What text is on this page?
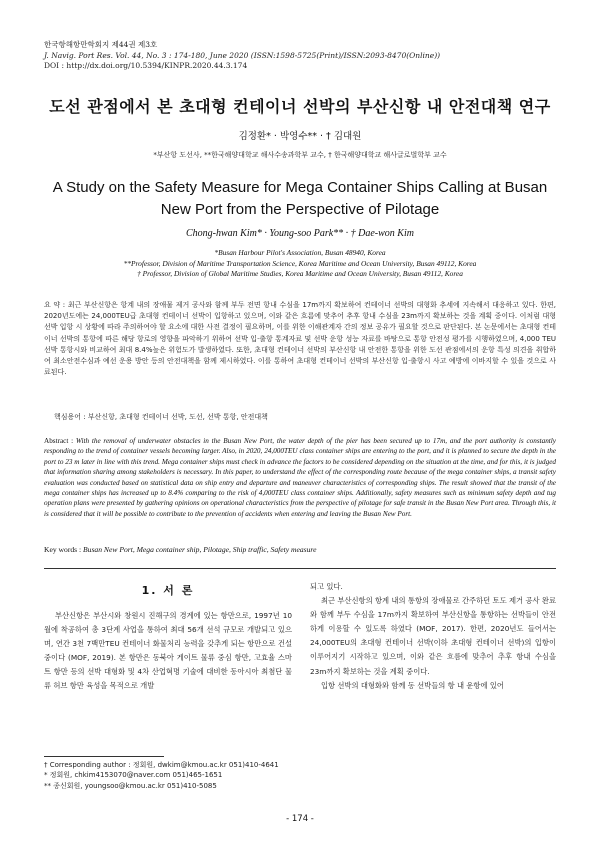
한국항해항만학회지 제44권 제3호
J. Navig. Port Res. Vol. 44, No. 3 : 174-180, June 2020 (ISSN:1598-5725(Print)/ISSN:2093-8470(Online))
DOI : http://dx.doi.org/10.5394/KINPR.2020.44.3.174
도선 관점에서 본 초대형 컨테이너 선박의 부산신항 내 안전대책 연구
김정환* · 박영수** · † 김대원
*부산항 도선사, **한국해양대학교 해사수송과학부 교수, † 한국해양대학교 해사글로벌학부 교수
A Study on the Safety Measure for Mega Container Ships Calling at Busan New Port from the Perspective of Pilotage
Chong-hwan Kim* · Young-soo Park** · † Dae-won Kim
*Busan Harbour Pilot's Association, Busan 48940, Korea
**Professor, Division of Maritime Transportation Science, Korea Maritime and Ocean University, Busan 49112, Korea
† Professor, Division of Global Maritime Studies, Korea Maritime and Ocean University, Busan 49112, Korea
요 약 : 최근 부산신항은 항계 내의 장애물 제거 공사와 함께 부두 전면 항내 수심을 17m까지 확보하여 컨테이너 선박의 대형화 추세에 지속해서 대응하고 있다. 한편, 2020년도에는 24,000TEU급 초대형 컨테이너 선박이 입항하고 있으며, 이와 같은 흐름에 맞추어 추후 항내 수심을 23m까지 확보하는 것을 계획 중이다. 이처럼 대형선박 입항 시 상황에 따라 주의하여야 할 요소에 대한 사전 결정이 필요하며, 이를 위한 이해관계자 간의 정보 공유가 필요할 것으로 판단된다. 본 논문에서는 초대형 컨테이너 선박의 통항에 따른 해당 항로의 영향을 파악하기 위하여 선박 입·출항 통계자료 및 선박 운항 성능 자료를 바탕으로 통항 안전성 평가를 시행하였으며, 4,000 TEU선박 통항시와 비교하여 최대 8.4%높은 위험도가 발생하였다. 또한, 초대형 컨테이너 선박의 부산신항 내 안전한 통항을 위한 도선 관점에서의 운항 특성 의견을 취합하여 최소안전수심과 예선 운용 방안 등의 안전대책을 함께 제시하였다. 이를 통하여 초대형 컨테이너 선박의 부산신항 입·출항시 사고 예방에 이바지할 수 있을 것으로 사료된다.
핵심용어 : 부산신항, 초대형 컨테이너 선박, 도선, 선박 통항, 안전대책
Abstract : With the removal of underwater obstacles in the Busan New Port, the water depth of the pier has been secured up to 17m, and the port authority is constantly responding to the trend of container vessels becoming larger. Also, in 2020, 24,000TEU class container ships are entering to the port, and it is planned to secure the depth in the port to 23 m later in line with this trend. Mega container ships must check in advance the factors to be considered depending on the situation at the time, and for this, it is judged that information sharing among stakeholders is necessary. In this paper, to understand the effect of the corresponding route because of the mega container ships, a transit safety evaluation was conducted based on statistical data on ship entry and departure and maneuver characteristics of corresponding ships. The result showed that the transit of the mega container ships has increased up to 8.4% comparing to the risk of 4,000TEU class container ships. Additionally, safety measures such as minimum safety depth and tug operation plans were presented by gathering opinions on operational characteristics from the perspective of pilotage for safe transit in the Busan New Port area. Through this, it is considered that it will be possible to contribute to the prevention of accidents when entering and leaving the Busan New Port.
Key words : Busan New Port, Mega container ship, Pilotage, Ship traffic, Safety measure
1. 서 론

부산신항은 부산시와 창원시 진해구의 경계에 있는 항만으로, 1997년 10월에 착공하여 총 3단계 사업을 통하여 최대 56개 선석 규모로 개발되고 있으며, 연간 3천 7백만TEU 컨테이너 화물처리 능력을 갖추게 되는 항만으로 건설 중이다 (MOF, 2019). 본 항만은 동북아 게이트 물류 중심 항만, 고효율 스마트 항만 등의 선박 대형화 및 4차 산업혁명 기술에 대비한 동아시아 최첨단 물류 허브 항만 육성을 목적으로 개발

되고 있다.

최근 부산신항의 항계 내의 통항의 장애물로 간주하던 토도 제거 공사 완료와 함께 부두 수심을 17m까지 확보하여 부산신항을 통항하는 선박들이 안전하게 이용할 수 있도록 하였다 (MOF, 2017). 한편, 2020년도 들어서는 24,000TEU의 초대형 컨테이너 선박(이하 초대형 컨테이너 선박)의 입항이 이루어지기 시작하고 있으며, 이와 같은 흐름에 맞추어 추후 항내 수심을 23m까지 확보하는 것을 계획 중이다.

입항 선박의 대형화와 함께 동 선박들의 항 내 운항에 있어

† Corresponding author : 정회원, dwkim@kmou.ac.kr 051)410-4641
* 정회원, chkim4153070@naver.com 051)465-1651
** 종신회원, youngsoo@kmou.ac.kr 051)410-5085
- 174 -
